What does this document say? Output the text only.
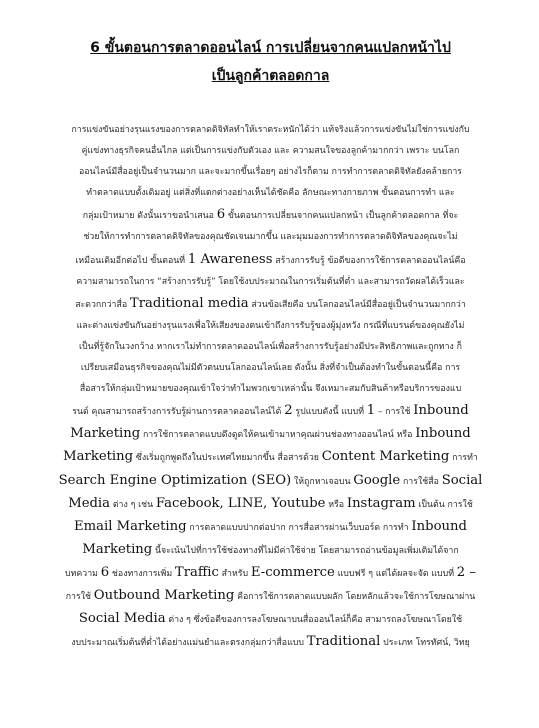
6 ขั้นตอนการตลาดออนไลน์ การเปลี่ยนจากคนแปลกหน้าไป
เป็นลูกค้าตลอดกาล
การแข่งขันอย่างรุนแรงของการตลาดดิจิทัลทำให้เราตระหนักได้ว่า แท้จริงแล้วการแข่งขันไม่ใช่การแข่งกับ
คู่แข่งทางธุรกิจคนอื่นไกล แต่เป็นการแข่งกับตัวเอง และ ความสนใจของลูกค้ามากกว่า เพราะ บนโลก
ออนไลน์มีสื่ออยู่เป็นจำนวนมาก และจะมากขึ้นเรื่อยๆ อย่างไรก็ตาม การทำการตลาดดิจิทัลยังคล้ายการ
ทำตลาดแบบดั้งเดิมอยู่ แต่สิ่งที่แตกต่างอย่างเห็นได้ชัดคือ ลักษณะทางกายภาพ ขั้นตอนการทำ และ
กลุ่มเป้าหมาย ดังนั้นเราขอนำเสนอ 6 ขั้นตอนการเปลี่ยนจากคนแปลกหน้า เป็นลูกค้าตลอดกาล ที่จะ
ช่วยให้การทำการตลาดดิจิทัลของคุณชัดเจนมากขึ้น และมุมมองการทำการตลาดดิจิทัลของคุณจะไม่
เหมือนเดิมอีกต่อไป ขั้นตอนที่ 1 Awareness สร้างการรับรู้ ข้อดีของการใช้การตลาดออนไลน์คือ
ความสามารถในการ “สร้างการรับรู้” โดยใช้งบประมาณในการเริ่มต้นที่ต่ำ และสามารถวัดผลได้เร็วและ
สะดวกกว่าสื่อ Traditional media ส่วนข้อเสียคือ บนโลกออนไลน์มีสื่ออยู่เป็นจำนวนมากกว่า
และต่างแข่งขันกันอย่างรุนแรงเพื่อให้เสียงของตนเข้าถึงการรับรู้ของผู้มุ่งหวัง กรณีที่แบรนด์ของคุณยังไม่
เป็นที่รู้จักในวงกว้าง หากเราไม่ทำการตลาดออนไลน์เพื่อสร้างการรับรู้อย่างมีประสิทธิภาพและถูกทาง ก็
เปรียบเสมือนธุรกิจของคุณไม่มีตัวตนบนโลกออนไลน์เลย ดังนั้น สิ่งที่จำเป็นต้องทำในขั้นตอนนี้คือ การ
สื่อสารให้กลุ่มเป้าหมายของคุณเข้าใจว่าทำไมพวกเขาเหล่านั้น จึงเหมาะสมกับสินค้าหรือบริการของแบ
รนด์ คุณสามารถสร้างการรับรู้ผ่านการตลาดออนไลน์ได้ 2 รูปแบบดังนี้ แบบที่ 1 – การใช้ Inbound
Marketing การใช้การตลาดแบบดึงดูดให้คนเข้ามาหาคุณผ่านช่องทางออนไลน์ หรือ Inbound
Marketing ซึ่งเริ่มถูกพูดถึงในประเทศไทยมากขึ้น สื่อสารด้วย Content Marketing การทำ
Search Engine Optimization (SEO) ให้ถูกหาเจอบน Google การใช้สื่อ Social
Media ต่าง ๆ เช่น Facebook, LINE, Youtube หรือ Instagram เป็นต้น การใช้
Email Marketing การตลาดแบบปากต่อปาก การสื่อสารผ่านเว็บบอร์ด การทำ Inbound
Marketing นี้จะเน้นไปที่การใช้ช่องทางที่ไม่มีค่าใช้จ่าย โดยสามารถอ่านข้อมูลเพิ่มเติมได้จาก
บทความ 6 ช่องทางการเพิ่ม Traffic สำหรับ E-commerce แบบฟรี ๆ แต่ได้ผลจะจัด แบบที่ 2 –
การใช้ Outbound Marketing คือการใช้การตลาดแบบผลัก โดยหลักแล้วจะใช้การโฆษณาผ่าน
Social Media ต่าง ๆ ซึ่งข้อดีของการลงโฆษณาบนสื่อออนไลน์ก็คือ สามารถลงโฆษณาโดยใช้
งบประมาณเริ่มต้นที่ต่ำได้อย่างแม่นยำและตรงกลุ่มกว่าสื่อแบบ Traditional ประเภท โทรทัศน์, วิทยุ
